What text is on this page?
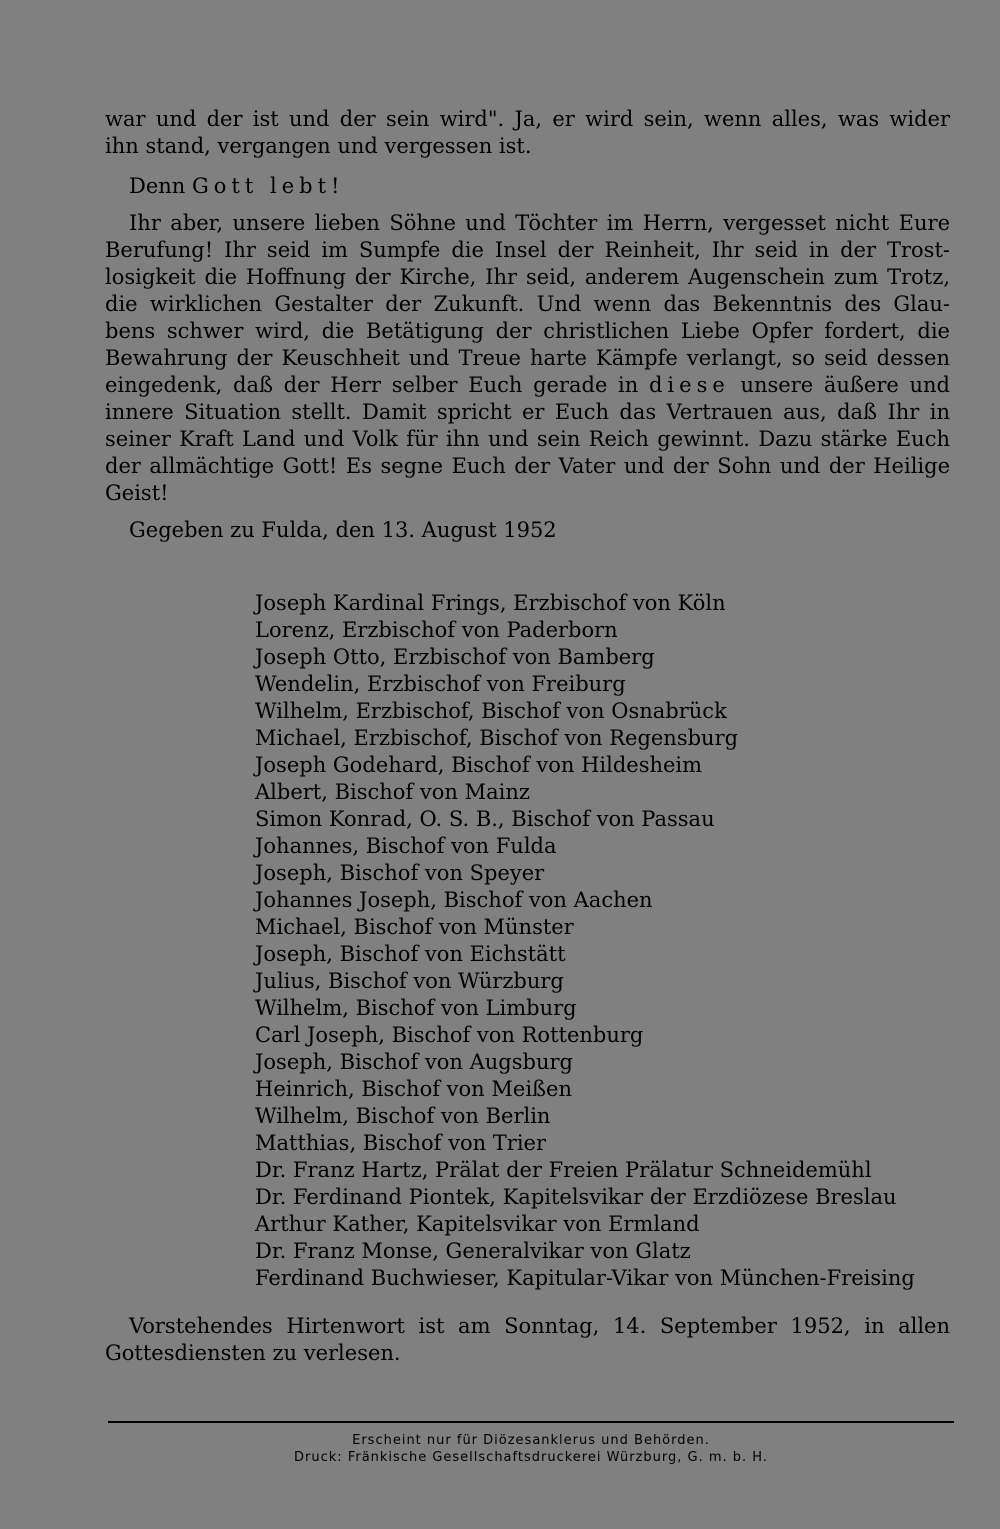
war und der ist und der sein wird". Ja, er wird sein, wenn alles, was wider
ihn stand, vergangen und vergessen ist.
Denn Gott lebt!
Ihr aber, unsere lieben Söhne und Töchter im Herrn, vergesset nicht Eure
Berufung! Ihr seid im Sumpfe die Insel der Reinheit, Ihr seid in der Trost-
losigkeit die Hoffnung der Kirche, Ihr seid, anderem Augenschein zum Trotz,
die wirklichen Gestalter der Zukunft. Und wenn das Bekenntnis des Glau-
bens schwer wird, die Betätigung der christlichen Liebe Opfer fordert, die
Bewahrung der Keuschheit und Treue harte Kämpfe verlangt, so seid dessen
eingedenk, daß der Herr selber Euch gerade in diese unsere äußere und
innere Situation stellt. Damit spricht er Euch das Vertrauen aus, daß Ihr in
seiner Kraft Land und Volk für ihn und sein Reich gewinnt. Dazu stärke Euch
der allmächtige Gott! Es segne Euch der Vater und der Sohn und der Heilige
Geist!
Gegeben zu Fulda, den 13. August 1952
Joseph Kardinal Frings, Erzbischof von Köln
Lorenz, Erzbischof von Paderborn
Joseph Otto, Erzbischof von Bamberg
Wendelin, Erzbischof von Freiburg
Wilhelm, Erzbischof, Bischof von Osnabrück
Michael, Erzbischof, Bischof von Regensburg
Joseph Godehard, Bischof von Hildesheim
Albert, Bischof von Mainz
Simon Konrad, O. S. B., Bischof von Passau
Johannes, Bischof von Fulda
Joseph, Bischof von Speyer
Johannes Joseph, Bischof von Aachen
Michael, Bischof von Münster
Joseph, Bischof von Eichstätt
Julius, Bischof von Würzburg
Wilhelm, Bischof von Limburg
Carl Joseph, Bischof von Rottenburg
Joseph, Bischof von Augsburg
Heinrich, Bischof von Meißen
Wilhelm, Bischof von Berlin
Matthias, Bischof von Trier
Dr. Franz Hartz, Prälat der Freien Prälatur Schneidemühl
Dr. Ferdinand Piontek, Kapitelsvikar der Erzdiözese Breslau
Arthur Kather, Kapitelsvikar von Ermland
Dr. Franz Monse, Generalvikar von Glatz
Ferdinand Buchwieser, Kapitular-Vikar von München-Freising
Vorstehendes Hirtenwort ist am Sonntag, 14. September 1952, in allen
Gottesdiensten zu verlesen.
Erscheint nur für Diözesanklerus und Behörden.
Druck: Fränkische Gesellschaftsdruckerei Würzburg, G. m. b. H.
